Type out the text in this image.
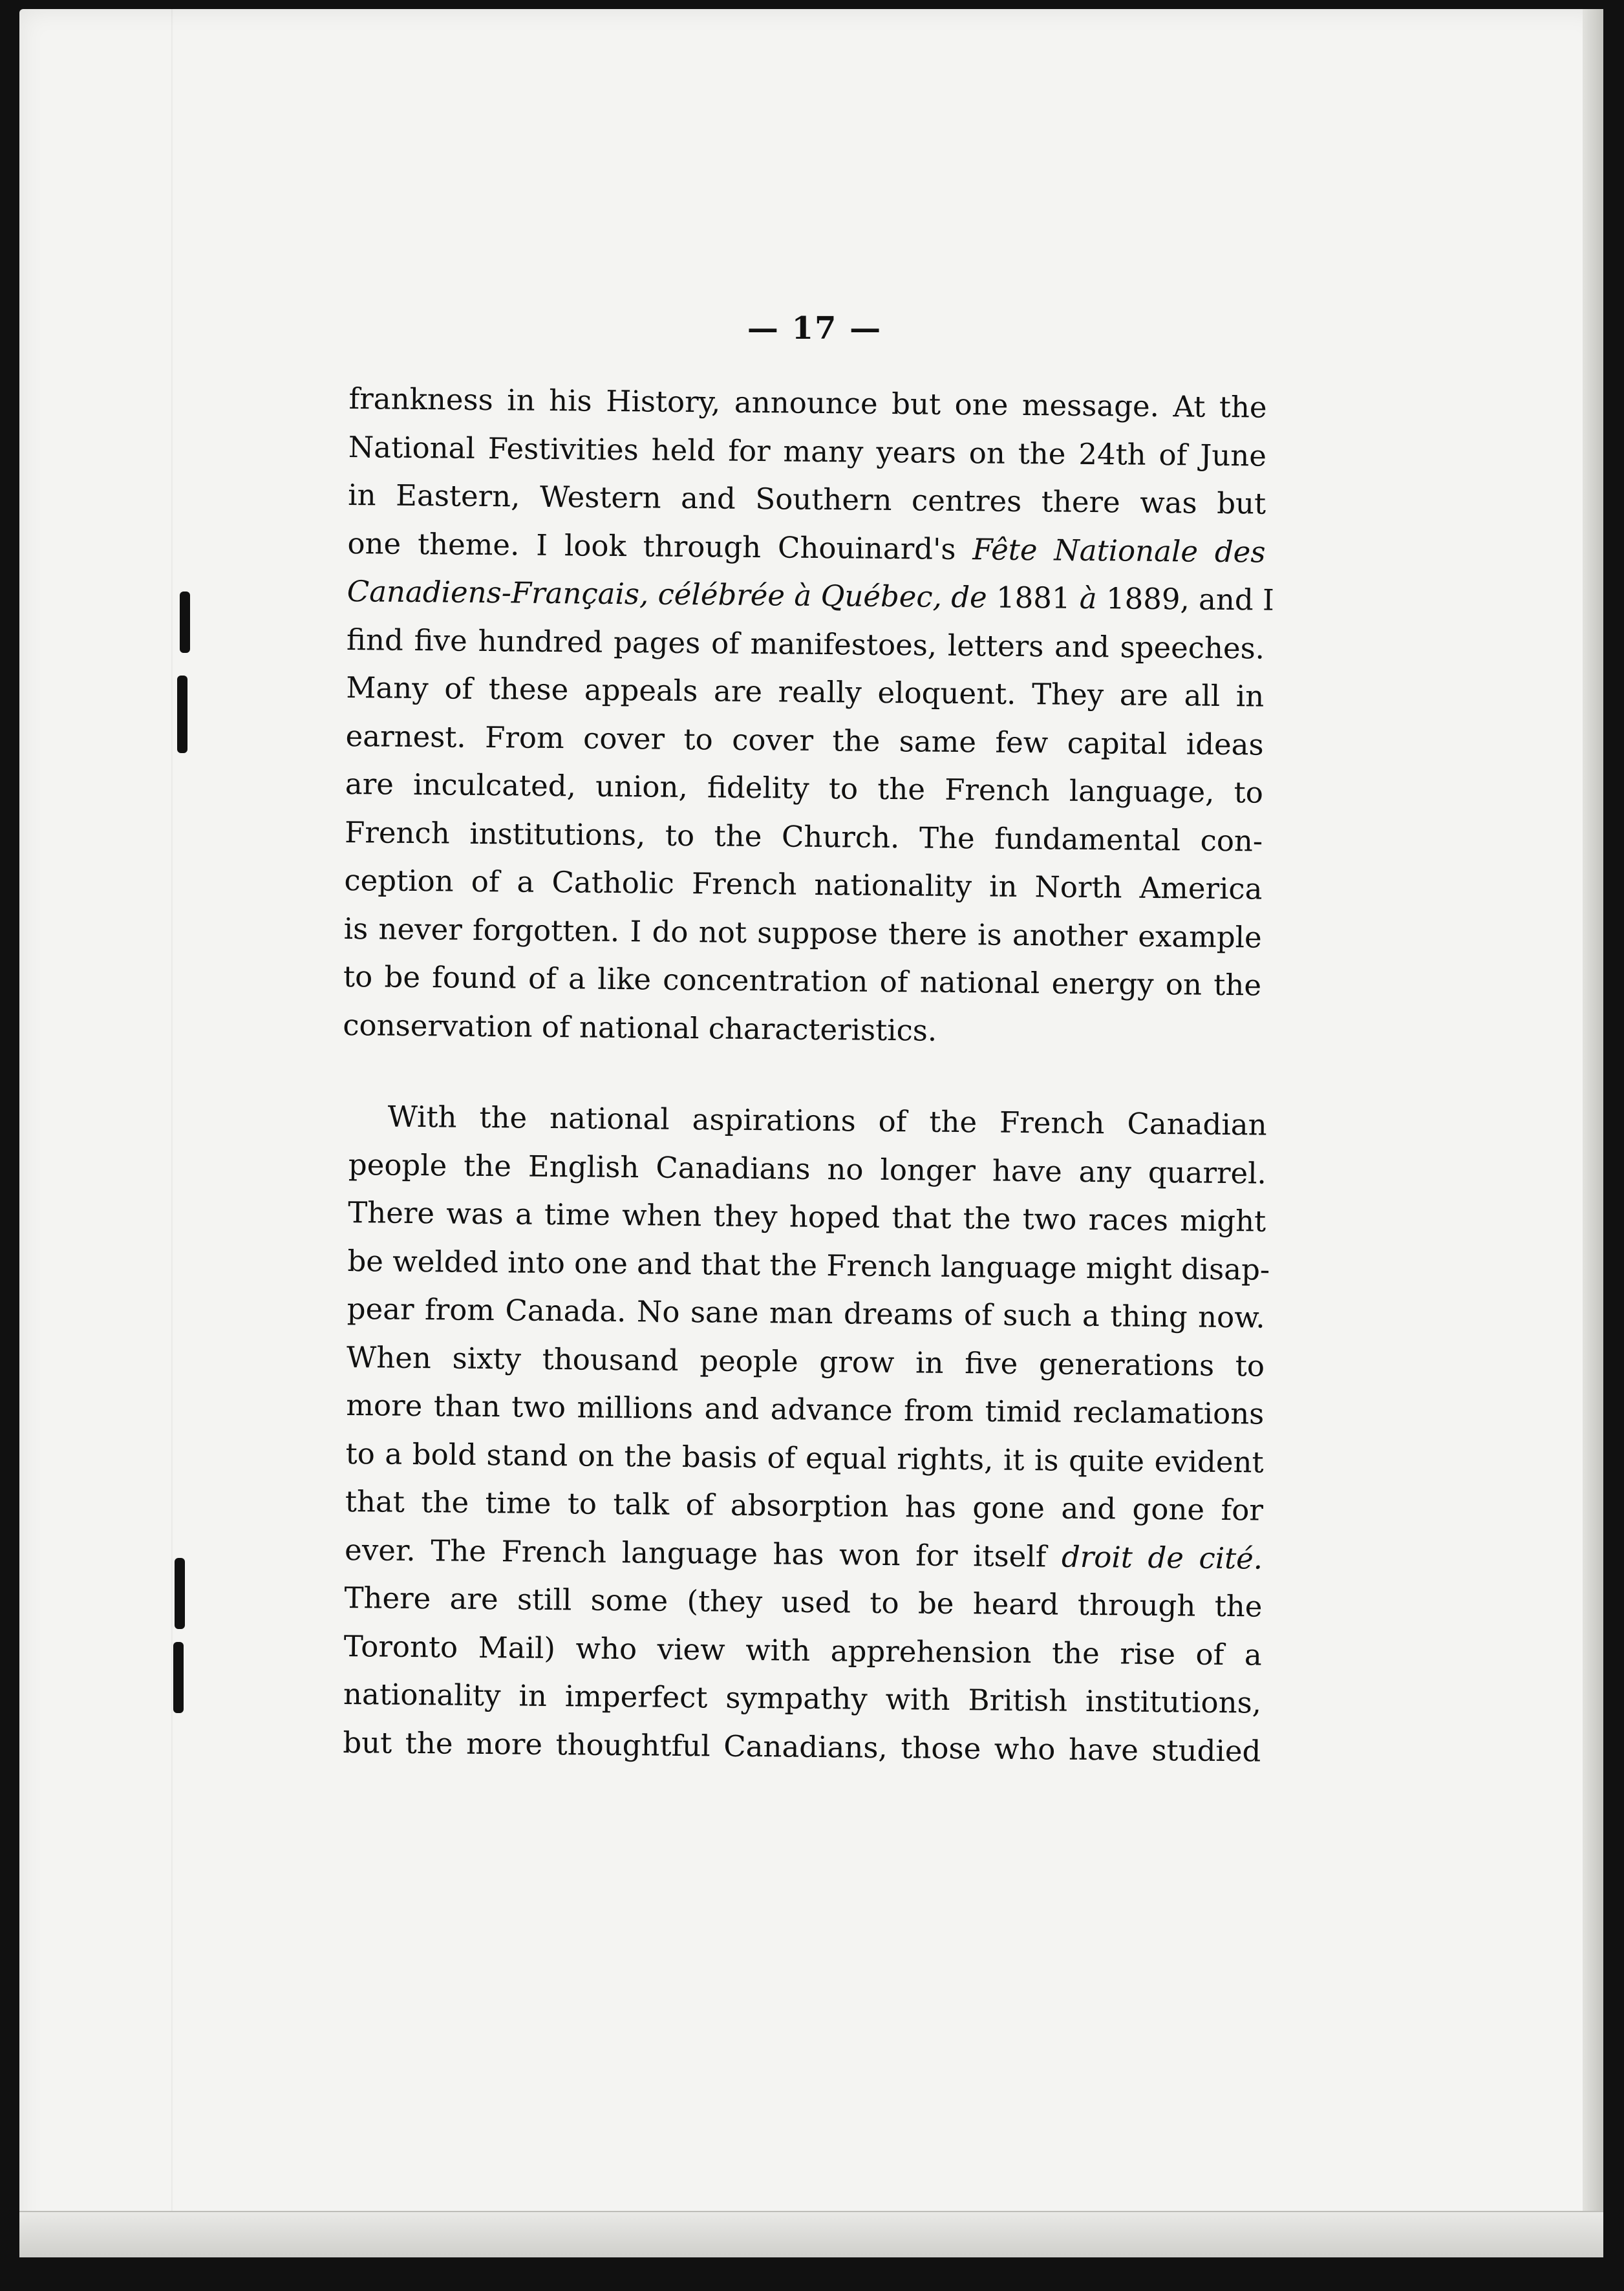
— 17 —
frankness in his History, announce but one message. At the
National Festivities held for many years on the 24th of June
in Eastern, Western and Southern centres there was but
one theme. I look through Chouinard's Fête Nationale des
Canadiens-Français, célébrée à Québec, de 1881 à 1889, and I
find five hundred pages of manifestoes, letters and speeches.
Many of these appeals are really eloquent. They are all in
earnest. From cover to cover the same few capital ideas
are inculcated, union, fidelity to the French language, to
French institutions, to the Church. The fundamental con-
ception of a Catholic French nationality in North America
is never forgotten. I do not suppose there is another example
to be found of a like concentration of national energy on the
conservation of national characteristics.
With the national aspirations of the French Canadian
people the English Canadians no longer have any quarrel.
There was a time when they hoped that the two races might
be welded into one and that the French language might disap-
pear from Canada. No sane man dreams of such a thing now.
When sixty thousand people grow in five generations to
more than two millions and advance from timid reclamations
to a bold stand on the basis of equal rights, it is quite evident
that the time to talk of absorption has gone and gone for
ever. The French language has won for itself droit de cité.
There are still some (they used to be heard through the
Toronto Mail) who view with apprehension the rise of a
nationality in imperfect sympathy with British institutions,
but the more thoughtful Canadians, those who have studied
